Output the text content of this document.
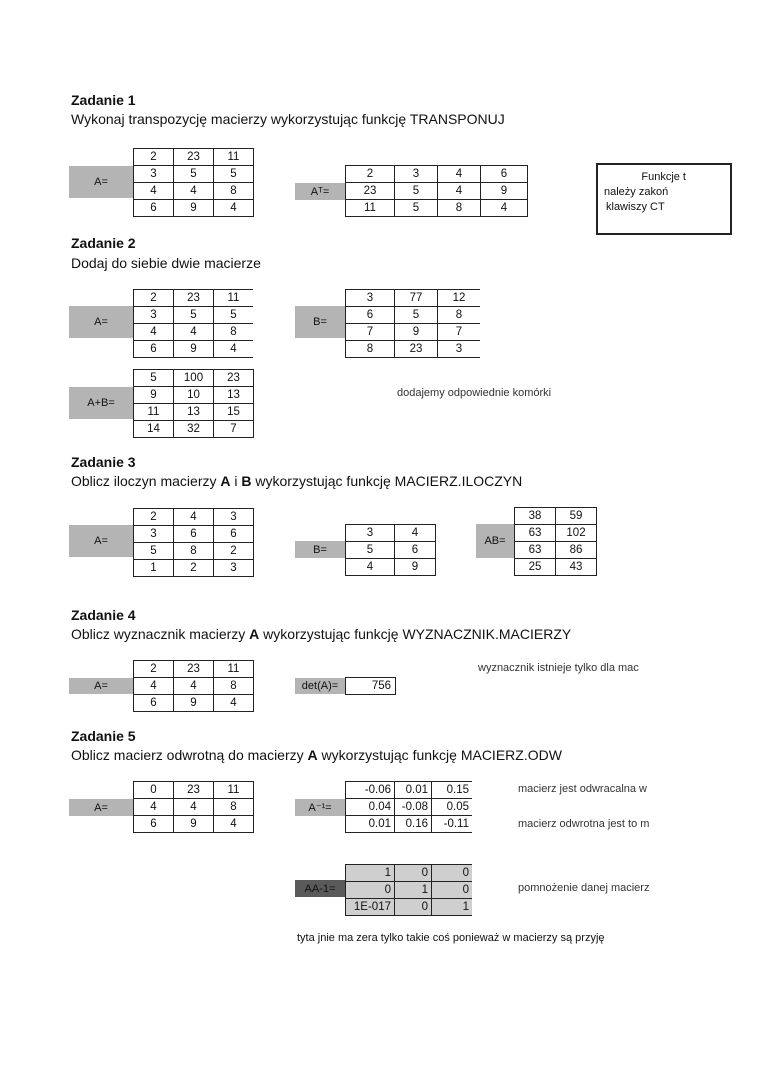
Zadanie 1
Wykonaj transpozycję macierzy wykorzystując funkcję TRANSPONUJ
A=
2	23	11
3	5	5
4	4	8
6	9	4
Aᵀ=
2	3	4	6
23	5	4	9
11	5	8	4
Funkcje t
należy zakoń
klawiszy CT
Zadanie 2
Dodaj do siebie dwie macierze
A=
2	23	11
3	5	5
4	4	8
6	9	4
B=
3	77	12
6	5	8
7	9	7
8	23	3
A+B=
5	100	23
9	10	13
11	13	15
14	32	7
dodajemy odpowiednie komórki
Zadanie 3
Oblicz iloczyn macierzy A i B wykorzystując funkcję MACIERZ.ILOCZYN
A=
2	4	3
3	6	6
5	8	2
1	2	3
B=
3	4
5	6
4	9
AB=
38	59
63	102
63	86
25	43
Zadanie 4
Oblicz wyznacznik macierzy A wykorzystując funkcję WYZNACZNIK.MACIERZY
A=
2	23	11
4	4	8
6	9	4
det(A)=	756
wyznacznik istnieje tylko dla mac
Zadanie 5
Oblicz macierz odwrotną do macierzy A wykorzystując funkcję MACIERZ.ODW
A=
0	23	11
4	4	8
6	9	4
A⁻¹=
-0.06	0.01	0.15
0.04	-0.08	0.05
0.01	0.16	-0.11
macierz jest odwracalna w
macierz odwrotna jest to m
AA-1=
1	0	0
0	1	0
1E-017	0	1
pomnożenie danej macierz
tyta jnie ma zera tylko takie coś ponieważ w macierzy są przyję
